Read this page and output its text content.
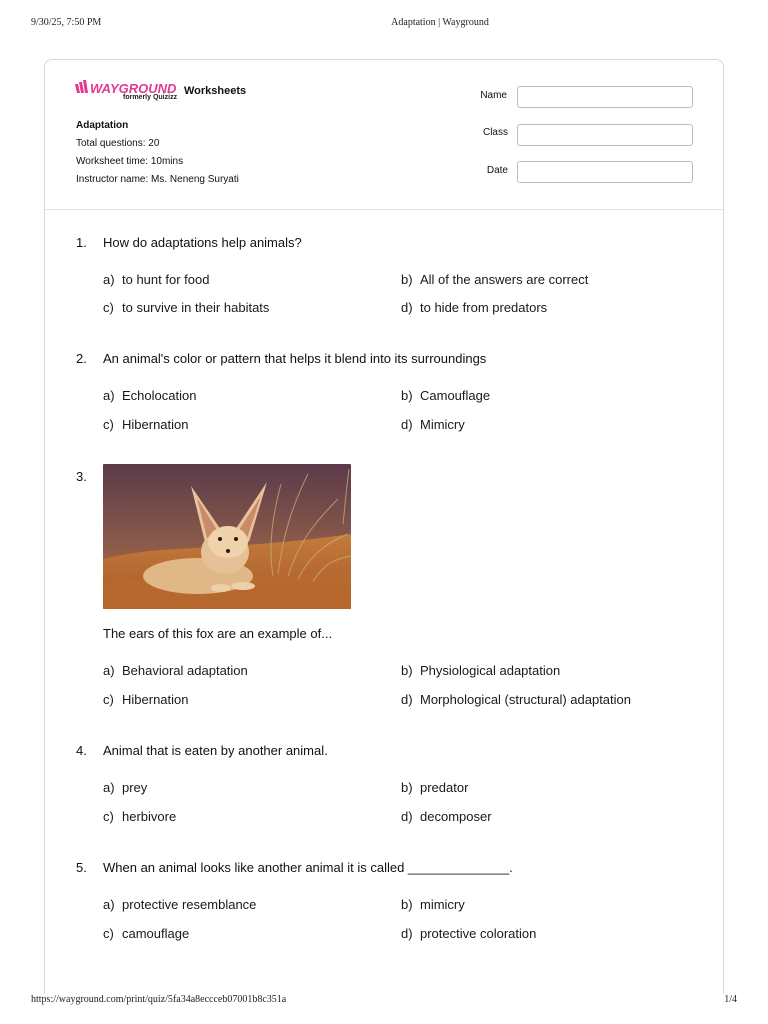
9/30/25, 7:50 PM	Adaptation | Wayground
WAYGROUND
formerly Quizizz
Worksheets
Adaptation
Total questions: 20
Worksheet time: 10mins
Instructor name: Ms. Neneng Suryati
Name
Class
Date
1. How do adaptations help animals?
a) to hunt for food	b) All of the answers are correct
c) to survive in their habitats	d) to hide from predators
2. An animal's color or pattern that helps it blend into its surroundings
a) Echolocation	b) Camouflage
c) Hibernation	d) Mimicry
3.
The ears of this fox are an example of...
a) Behavioral adaptation	b) Physiological adaptation
c) Hibernation	d) Morphological (structural) adaptation
4. Animal that is eaten by another animal.
a) prey	b) predator
c) herbivore	d) decomposer
5. When an animal looks like another animal it is called ______________.
a) protective resemblance	b) mimicry
c) camouflage	d) protective coloration
https://wayground.com/print/quiz/5fa34a8eccceb07001b8c351a	1/4
